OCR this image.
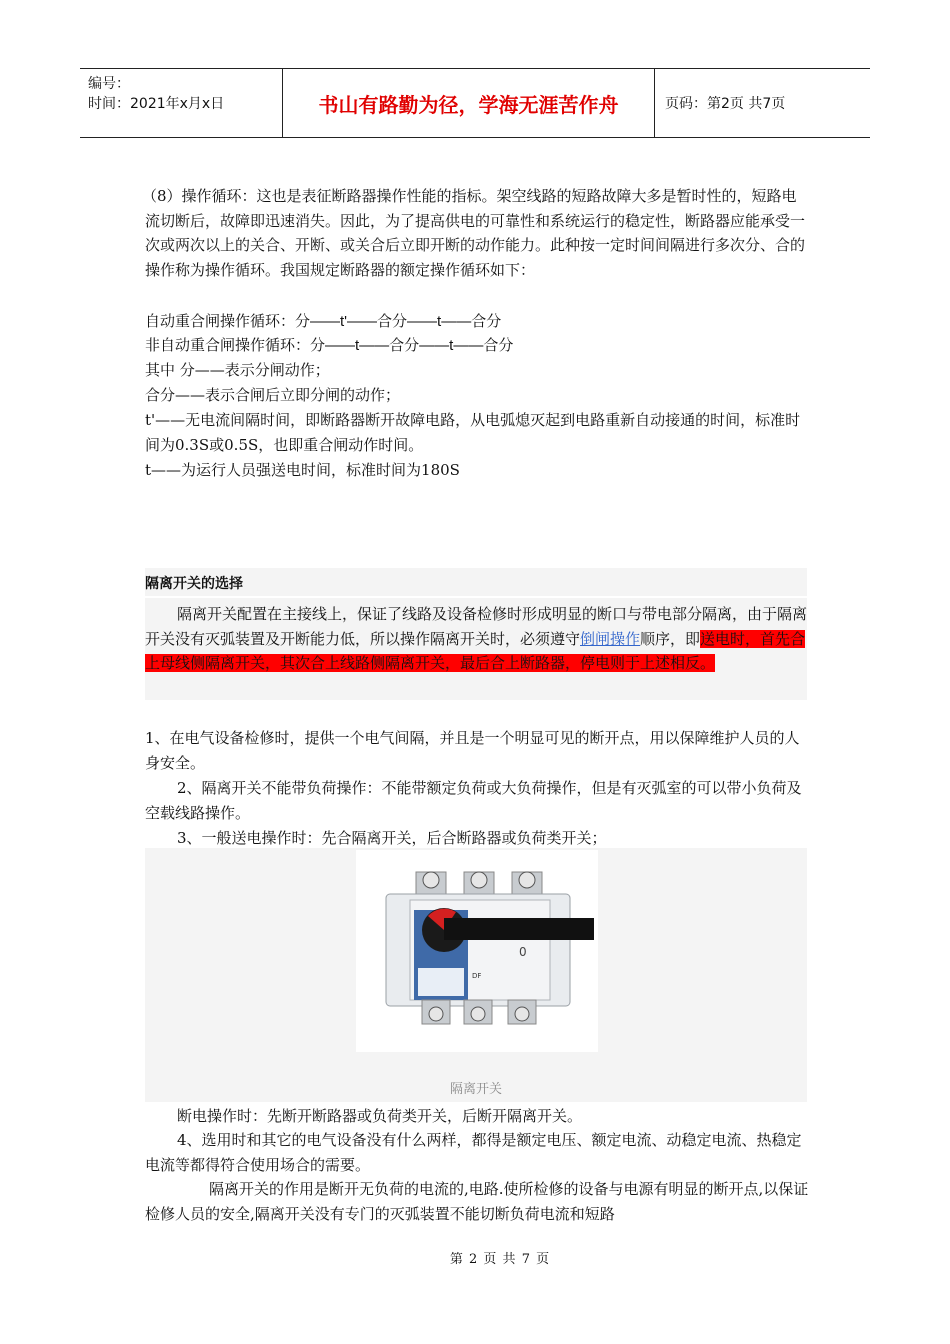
编号：
时间：2021年x月x日	书山有路勤为径，学海无涯苦作舟	页码：第2页 共7页
（8）操作循环：这也是表征断路器操作性能的指标。架空线路的短路故障大多是暂时性的，短路电流切断后，故障即迅速消失。因此，为了提高供电的可靠性和系统运行的稳定性，断路器应能承受一次或两次以上的关合、开断、或关合后立即开断的动作能力。此种按一定时间间隔进行多次分、合的操作称为操作循环。我国规定断路器的额定操作循环如下：
自动重合闸操作循环：分——t'——合分——t——合分
非自动重合闸操作循环：分——t——合分——t——合分
其中 分——表示分闸动作；
合分——表示合闸后立即分闸的动作；
t'——无电流间隔时间，即断路器断开故障电路，从电弧熄灭起到电路重新自动接通的时间，标准时间为0.3S或0.5S，也即重合闸动作时间。
t——为运行人员强送电时间，标准时间为180S
隔离开关的选择
隔离开关配置在主接线上，保证了线路及设备检修时形成明显的断口与带电部分隔离，由于隔离开关没有灭弧装置及开断能力低，所以操作隔离开关时，必须遵守倒闸操作顺序，即送电时，首先合上母线侧隔离开关，其次合上线路侧隔离开关，最后合上断路器，停电则于上述相反。
1、在电气设备检修时，提供一个电气间隔，并且是一个明显可见的断开点，用以保障维护人员的人身安全。
2、隔离开关不能带负荷操作：不能带额定负荷或大负荷操作，但是有灭弧室的可以带小负荷及空载线路操作。
3、一般送电操作时：先合隔离开关，后合断路器或负荷类开关；
0
DF
隔离开关
断电操作时：先断开断路器或负荷类开关，后断开隔离开关。
4、选用时和其它的电气设备没有什么两样，都得是额定电压、额定电流、动稳定电流、热稳定电流等都得符合使用场合的需要。
隔离开关的作用是断开无负荷的电流的,电路.使所检修的设备与电源有明显的断开点,以保证检修人员的安全,隔离开关没有专门的灭弧装置不能切断负荷电流和短路
第 2 页 共 7 页
